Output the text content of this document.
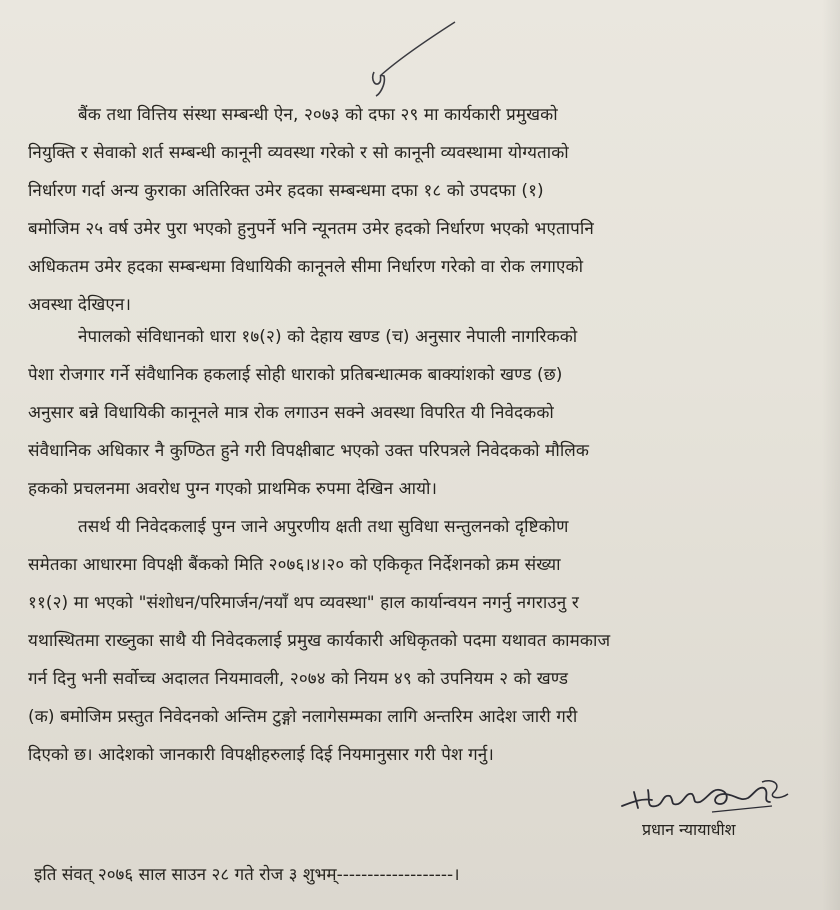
बैंक तथा वित्तिय संस्था सम्बन्धी ऐन, २०७३ को दफा २९ मा कार्यकारी प्रमुखको
नियुक्ति र सेवाको शर्त सम्बन्धी कानूनी व्यवस्था गरेको र सो कानूनी व्यवस्थामा योग्यताको
निर्धारण गर्दा अन्य कुराका अतिरिक्त उमेर हदका सम्बन्धमा दफा १८ को उपदफा (१)
बमोजिम २५ वर्ष उमेर पुरा भएको हुनुपर्ने भनि न्यूनतम उमेर हदको निर्धारण भएको भएतापनि
अधिकतम उमेर हदका सम्बन्धमा विधायिकी कानूनले सीमा निर्धारण गरेको वा रोक लगाएको
अवस्था देखिएन।
नेपालको संविधानको धारा १७(२) को देहाय खण्ड (च) अनुसार नेपाली नागरिकको
पेशा रोजगार गर्ने संवैधानिक हकलाई सोही धाराको प्रतिबन्धात्मक बाक्यांशको खण्ड (छ)
अनुसार बन्ने विधायिकी कानूनले मात्र रोक लगाउन सक्ने अवस्था विपरित यी निवेदकको
संवैधानिक अधिकार नै कुण्ठित हुने गरी विपक्षीबाट भएको उक्त परिपत्रले निवेदकको मौलिक
हकको प्रचलनमा अवरोध पुग्न गएको प्राथमिक रुपमा देखिन आयो।
तसर्थ यी निवेदकलाई पुग्न जाने अपुरणीय क्षती तथा सुविधा सन्तुलनको दृष्टिकोण
समेतका आधारमा विपक्षी बैंकको मिति २०७६।४।२० को एकिकृत निर्देशनको क्रम संख्या
११(२) मा भएको "संशोधन/परिमार्जन/नयाँ थप व्यवस्था" हाल कार्यान्वयन नगर्नु नगराउनु र
यथास्थितमा राख्नुका साथै यी निवेदकलाई प्रमुख कार्यकारी अधिकृतको पदमा यथावत कामकाज
गर्न दिनु भनी सर्वोच्च अदालत नियमावली, २०७४ को नियम ४९ को उपनियम २ को खण्ड
(क) बमोजिम प्रस्तुत निवेदनको अन्तिम टुङ्गो नलागेसम्मका लागि अन्तरिम आदेश जारी गरी
दिएको छ। आदेशको जानकारी विपक्षीहरुलाई दिई नियमानुसार गरी पेश गर्नु।
प्रधान न्यायाधीश
इति संवत् २०७६ साल साउन २८ गते रोज ३ शुभम्-------------------।
